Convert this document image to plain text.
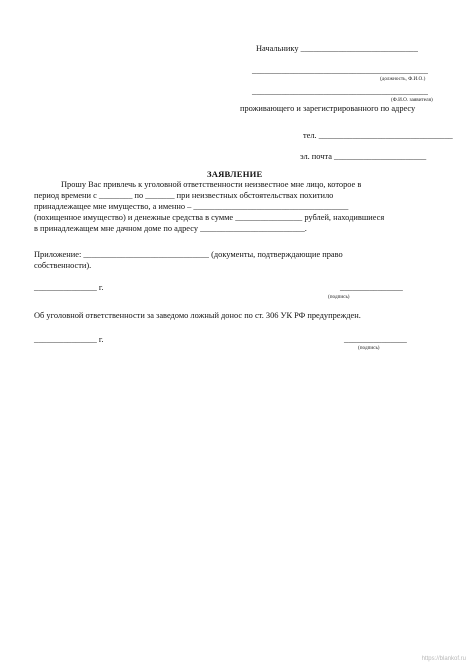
Начальнику ____________________________
__________________________________________
(должность, Ф.И.О.)
__________________________________________
(Ф.И.О. заявителя)
проживающего и зарегистрированного по адресу
тел. ________________________________
эл. почта ______________________
ЗАЯВЛЕНИЕ
Прошу Вас привлечь к уголовной ответственности неизвестное мне лицо, которое в
период времени с ________ по _______ при неизвестных обстоятельствах похитило
принадлежащее мне имущество, а именно – _____________________________________
(похищенное имущество) и денежные средства в сумме ________________ рублей, находившиеся
в принадлежащем мне дачном доме по адресу _________________________.
Приложение: ______________________________ (документы, подтверждающие право
собственности).
_______________ г.	_______________
(подпись)
Об уголовной ответственности за заведомо ложный донос по ст. 306 УК РФ предупрежден.
_______________ г.	_______________
(подпись)
https://blankof.ru
